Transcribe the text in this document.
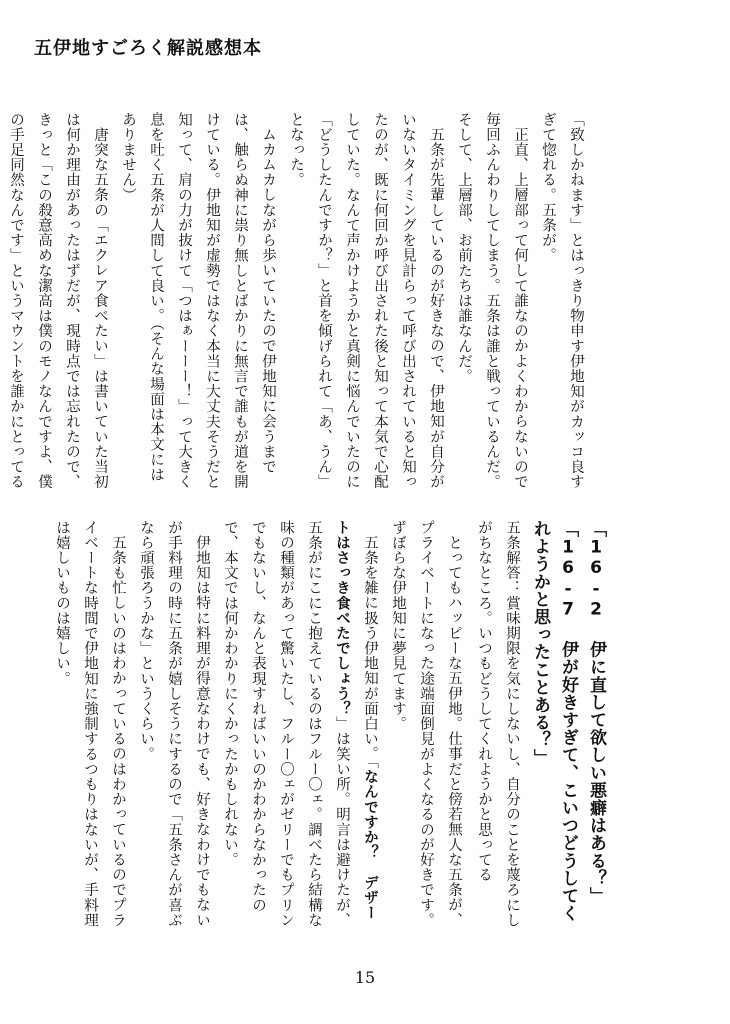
五伊地すごろく解説感想本

「致しかねます」とはっきり物申す伊地知がカッコ良すぎて惚れる。五条が。

正直、上層部って何して誰なのかよくわからないので毎回ふんわりしてしまう。五条は誰と戦っているんだ。そして、上層部、お前たちは誰なんだ。

五条が先輩しているのが好きなので、伊地知が自分がいないタイミングを見計らって呼び出されていると知ったのが、既に何回か呼び出された後と知って本気で心配していた。なんて声かけようかと真剣に悩んでいたのに「どうしたんですか？」と首を傾げられて「あ、うん」となった。

ムカムカしながら歩いていたので伊地知に会うまでは、触らぬ神に祟り無しとばかりに無言で誰もが道を開けている。伊地知が虚勢ではなく本当に大丈夫そうだと知って、肩の力が抜けて「つはぁーーー！」って大きく息を吐く五条が人間して良い。（そんな場面は本文にはありません）

唐突な五条の「エクレア食べたい」は書いていた当初は何か理由があったはずだが、現時点では忘れたので、きっと「この殺意高めな潔高は僕のモノなんですよ、僕の手足同然なんです」というマウントを誰かにとってる

「16-2 伊に直して欲しい悪癖はある？」「16-7 伊が好きすぎて、こいつどうしてくれようかと思ったことある？」

五条解答：賞味期限を気にしないし、自分のことを蔑ろにしがちなところ。いつもどうしてくれようかと思ってる

とってもハッピーな五伊地。仕事だと傍若無人な五条が、プライベートになった途端面倒見がよくなるのが好きです。ずぼらな伊地知に夢見てます。

五条を雑に扱う伊地知が面白い。「なんですか？　デザートはさっき食べたでしょう？」は笑い所。明言は避けたが、五条がにこにこ抱えているのはフルー〇ェ。調べたら結構な味の種類があって驚いたし、フルー〇ェがゼリーでもプリンでもないし、なんと表現すればいいのかわからなかったので、本文では何かわかりにくかったかもしれない。

伊地知は特に料理が得意なわけでも、好きなわけでもないが手料理の時に五条が嬉しそうにするので「五条さんが喜ぶなら頑張ろうかな」というくらい。

五条も忙しいのはわかっているのはわかっているのでプライベートな時間で伊地知に強制するつもりはないが、手料理は嬉しいものは嬉しい。

15
